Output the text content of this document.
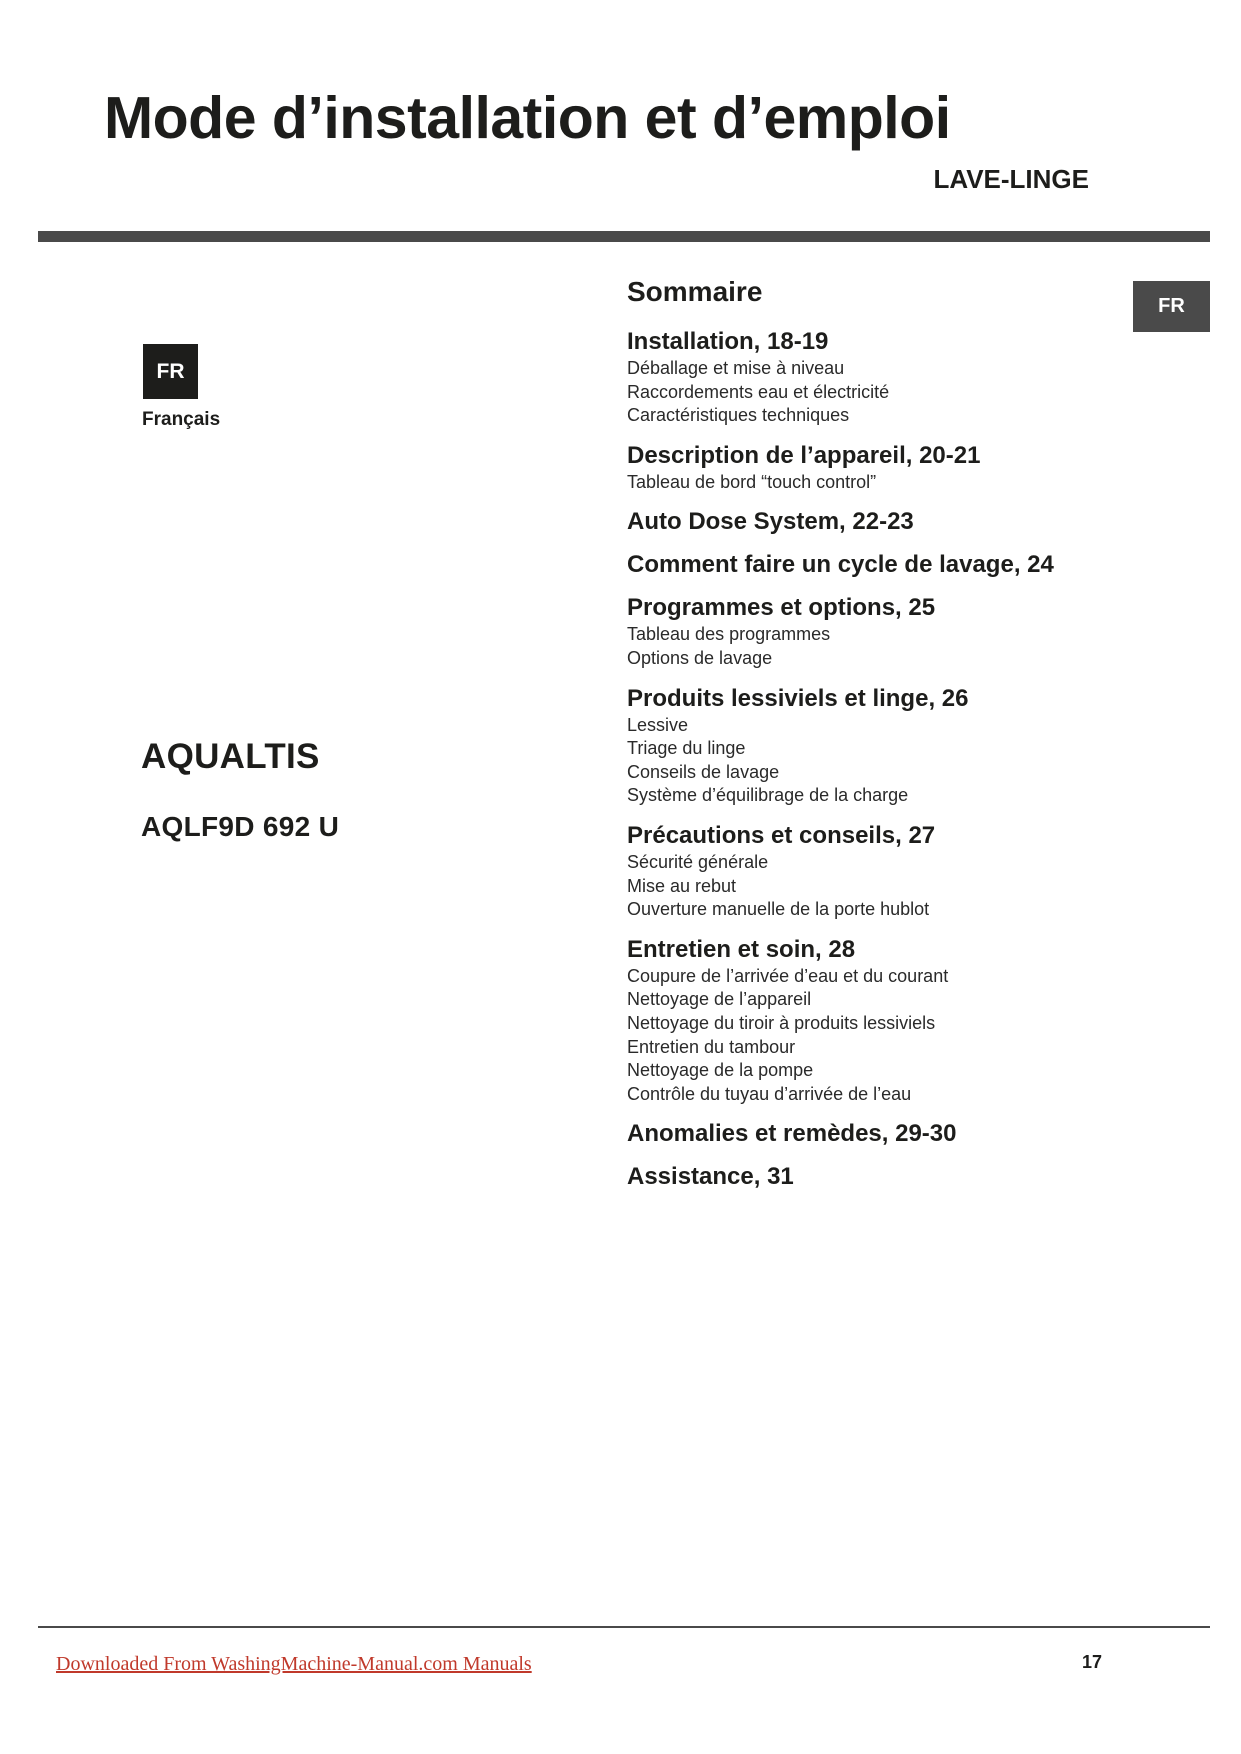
Mode d’installation et d’emploi
LAVE-LINGE
FR
Français
FR
AQUALTIS
AQLF9D 692 U
Sommaire
Installation, 18-19
Déballage et mise à niveau
Raccordements eau et électricité
Caractéristiques techniques
Description de l’appareil, 20-21
Tableau de bord “touch control”
Auto Dose System, 22-23
Comment faire un cycle de lavage, 24
Programmes et options, 25
Tableau des programmes
Options de lavage
Produits lessiviels et linge, 26
Lessive
Triage du linge
Conseils de lavage
Système d’équilibrage de la charge
Précautions et conseils, 27
Sécurité générale
Mise au rebut
Ouverture manuelle de la porte hublot
Entretien et soin, 28
Coupure de l’arrivée d’eau et du courant
Nettoyage de l’appareil
Nettoyage du tiroir à produits lessiviels
Entretien du tambour
Nettoyage de la pompe
Contrôle du tuyau d’arrivée de l’eau
Anomalies et remèdes, 29-30
Assistance, 31
Downloaded From WashingMachine-Manual.com Manuals	17
